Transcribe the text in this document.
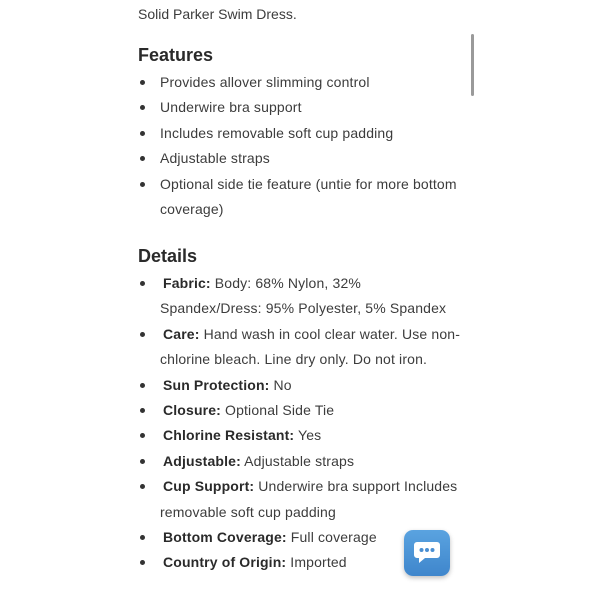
Solid Parker Swim Dress.
Features
Provides allover slimming control
Underwire bra support
Includes removable soft cup padding
Adjustable straps
Optional side tie feature (untie for more bottom coverage)
Details
Fabric: Body: 68% Nylon, 32% Spandex/Dress: 95% Polyester, 5% Spandex
Care: Hand wash in cool clear water. Use non-chlorine bleach. Line dry only. Do not iron.
Sun Protection: No
Closure: Optional Side Tie
Chlorine Resistant: Yes
Adjustable: Adjustable straps
Cup Support: Underwire bra support Includes removable soft cup padding
Bottom Coverage: Full coverage
Country of Origin: Imported
